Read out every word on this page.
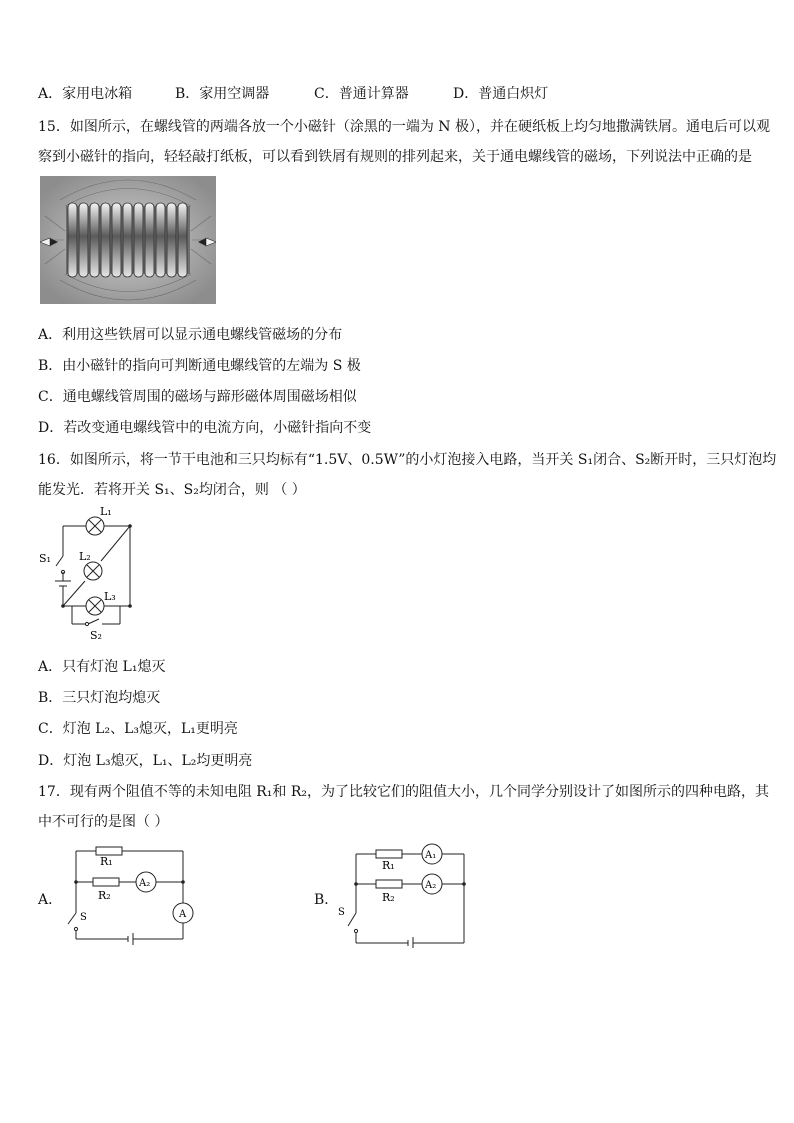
A．家用电冰箱	B．家用空调器	C．普通计算器	D．普通白炽灯
15．如图所示，在螺线管的两端各放一个小磁针（涂黑的一端为 N 极），并在硬纸板上均匀地撒满铁屑。通电后可以观
察到小磁针的指向，轻轻敲打纸板，可以看到铁屑有规则的排列起来，关于通电螺线管的磁场，下列说法中正确的是
A．利用这些铁屑可以显示通电螺线管磁场的分布
B．由小磁针的指向可判断通电螺线管的左端为 S 极
C．通电螺线管周围的磁场与蹄形磁体周围磁场相似
D．若改变通电螺线管中的电流方向，小磁针指向不变
16．如图所示，将一节干电池和三只均标有“1.5V、0.5W”的小灯泡接入电路，当开关 S₁闭合、S₂断开时，三只灯泡均
能发光．若将开关 S₁、S₂均闭合，则 （ ）
L₁
L₂
L₃
S₁
S₂
A．只有灯泡 L₁熄灭
B．三只灯泡均熄灭
C．灯泡 L₂、L₃熄灭，L₁更明亮
D．灯泡 L₃熄灭，L₁、L₂均更明亮
17．现有两个阻值不等的未知电阻 R₁和 R₂，为了比较它们的阻值大小，几个同学分别设计了如图所示的四种电路，其
中不可行的是图（ ）
A．
R₁
R₂
A₂
A
S
B．
R₁
R₂
A₁
A₂
S
